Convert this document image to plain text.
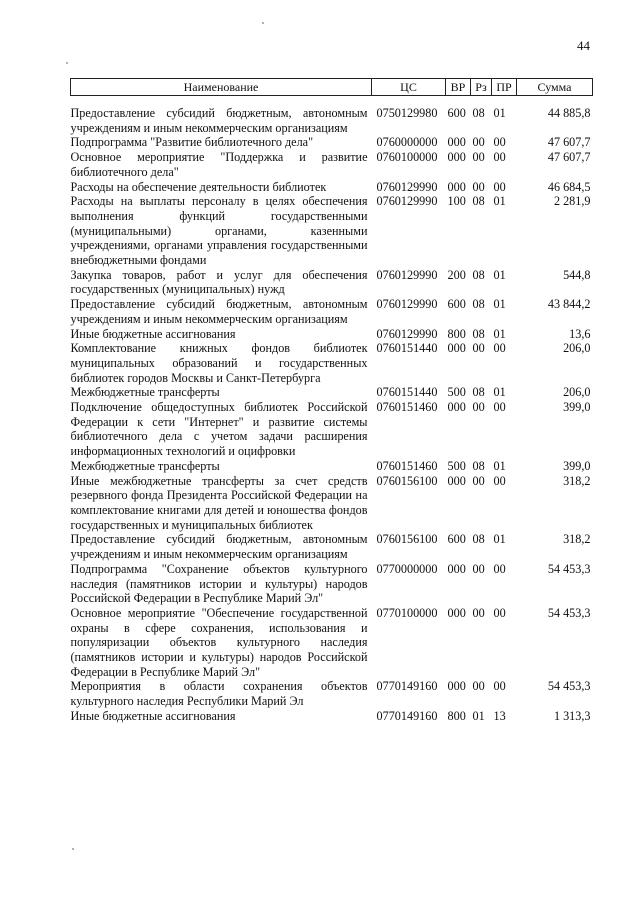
44
Наименование	ЦС	ВР	Рз	ПР	Сумма
Предоставление субсидий бюджетным, автономным учреждениям и иным некоммерческим организациям	0750129980	600	08	01	44 885,8
Подпрограмма "Развитие библиотечного дела"	0760000000	000	00	00	47 607,7
Основное мероприятие "Поддержка и развитие библиотечного дела"	0760100000	000	00	00	47 607,7
Расходы на обеспечение деятельности библиотек	0760129990	000	00	00	46 684,5
Расходы на выплаты персоналу в целях обеспечения выполнения функций государственными (муниципальными) органами, казенными учреждениями, органами управления государственными внебюджетными фондами	0760129990	100	08	01	2 281,9
Закупка товаров, работ и услуг для обеспечения государственных (муниципальных) нужд	0760129990	200	08	01	544,8
Предоставление субсидий бюджетным, автономным учреждениям и иным некоммерческим организациям	0760129990	600	08	01	43 844,2
Иные бюджетные ассигнования	0760129990	800	08	01	13,6
Комплектование книжных фондов библиотек муниципальных образований и государственных библиотек городов Москвы и Санкт-Петербурга	0760151440	000	00	00	206,0
Межбюджетные трансферты	0760151440	500	08	01	206,0
Подключение общедоступных библиотек Российской Федерации к сети "Интернет" и развитие системы библиотечного дела с учетом задачи расширения информационных технологий и оцифровки	0760151460	000	00	00	399,0
Межбюджетные трансферты	0760151460	500	08	01	399,0
Иные межбюджетные трансферты за счет средств резервного фонда Президента Российской Федерации на комплектование книгами для детей и юношества фондов государственных и муниципальных библиотек	0760156100	000	00	00	318,2
Предоставление субсидий бюджетным, автономным учреждениям и иным некоммерческим организациям	0760156100	600	08	01	318,2
Подпрограмма "Сохранение объектов культурного наследия (памятников истории и культуры) народов Российской Федерации в Республике Марий Эл"	0770000000	000	00	00	54 453,3
Основное мероприятие "Обеспечение государственной охраны в сфере сохранения, использования и популяризации объектов культурного наследия (памятников истории и культуры) народов Российской Федерации в Республике Марий Эл"	0770100000	000	00	00	54 453,3
Мероприятия в области сохранения объектов культурного наследия Республики Марий Эл	0770149160	000	00	00	54 453,3
Иные бюджетные ассигнования	0770149160	800	01	13	1 313,3
